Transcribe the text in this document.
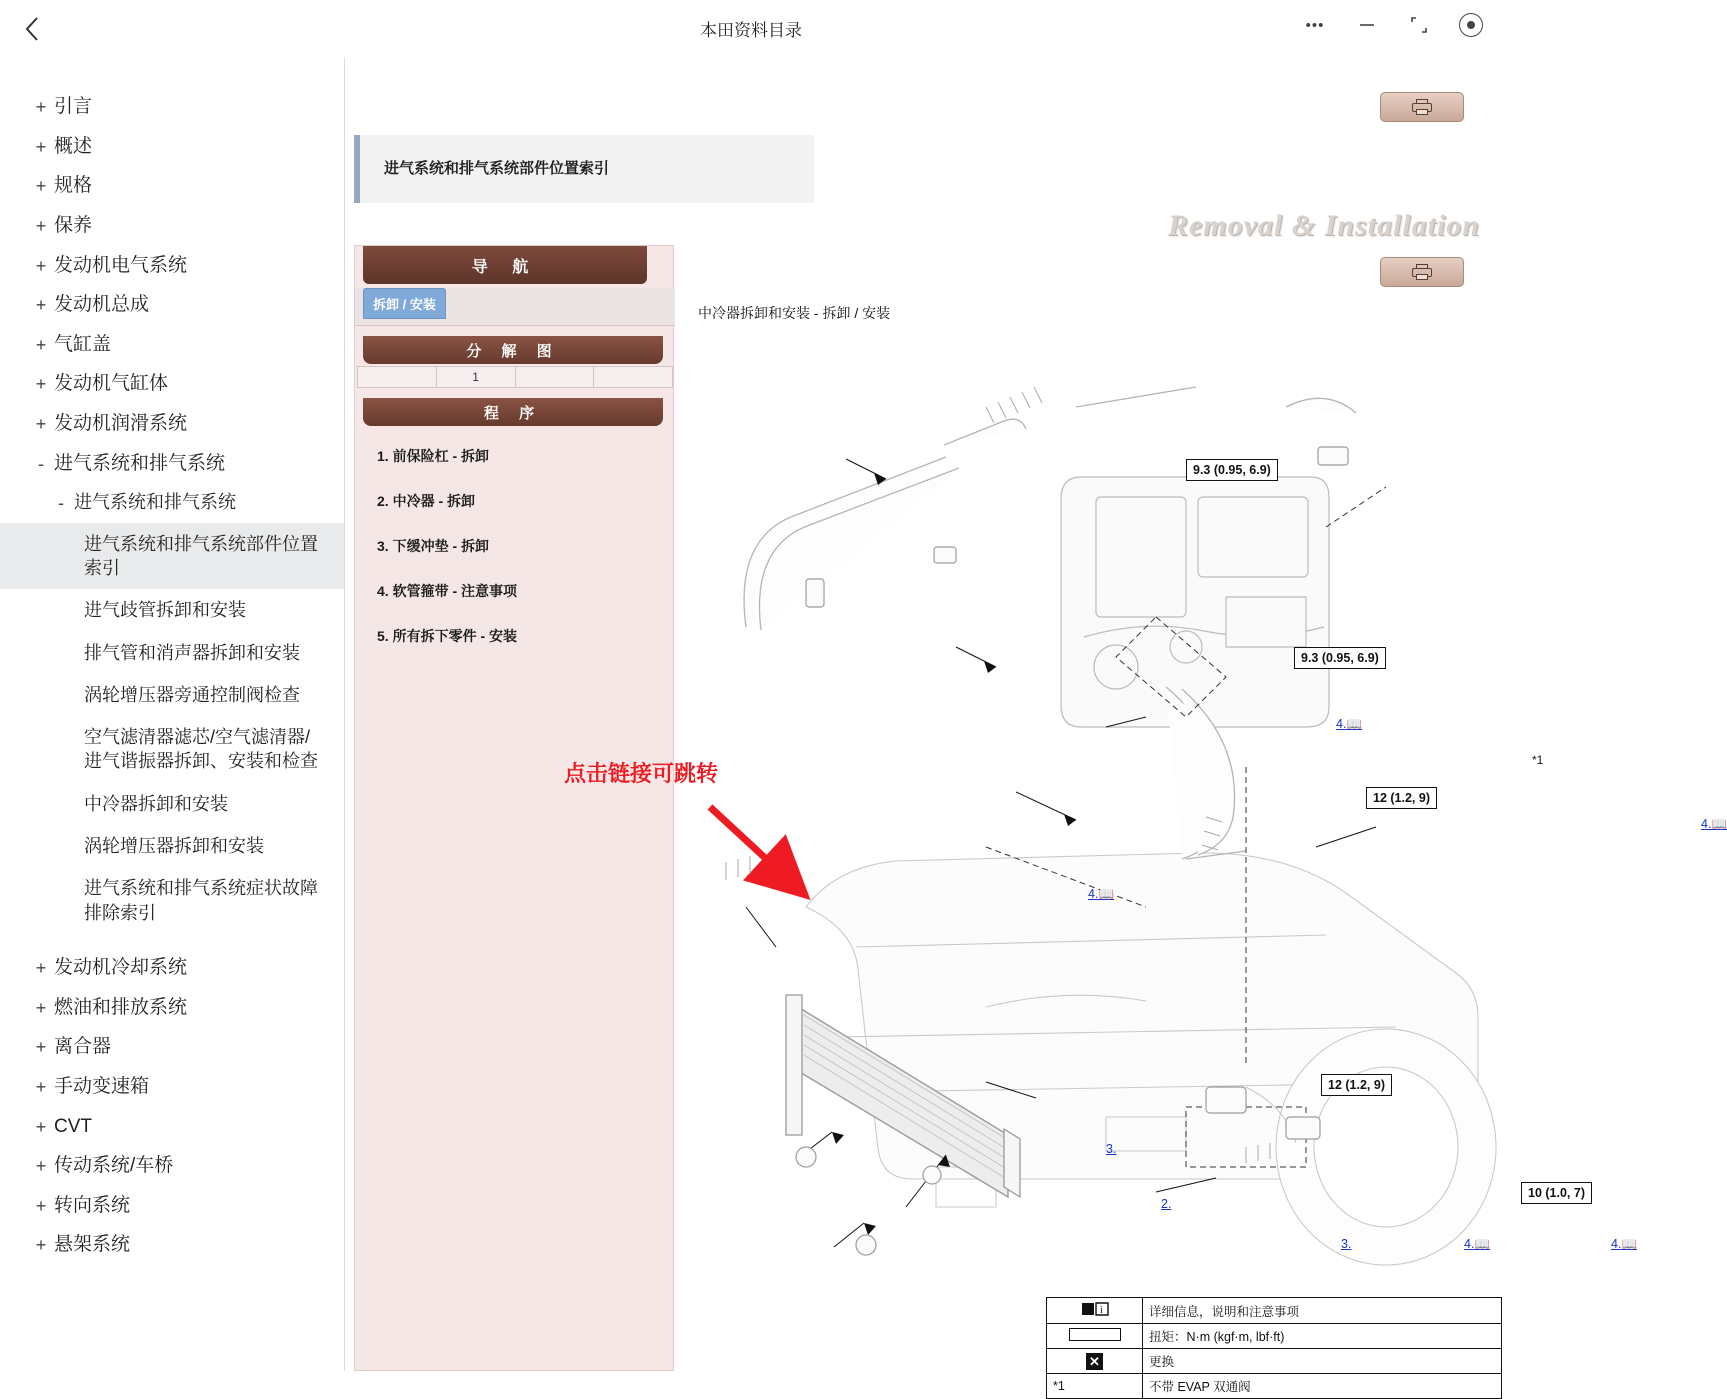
本田资料目录	•••
+ 引言
+ 概述
+ 规格
+ 保养
+ 发动机电气系统
+ 发动机总成
+ 气缸盖
+ 发动机气缸体
+ 发动机润滑系统
- 进气系统和排气系统
- 进气系统和排气系统
进气系统和排气系统部件位置索引
进气歧管拆卸和安装
排气管和消声器拆卸和安装
涡轮增压器旁通控制阀检查
空气滤清器滤芯/空气滤清器/进气谐振器拆卸、安装和检查
中冷器拆卸和安装
涡轮增压器拆卸和安装
进气系统和排气系统症状故障排除索引
+ 发动机冷却系统
+ 燃油和排放系统
+ 离合器
+ 手动变速箱
+ CVT
+ 传动系统/车桥
+ 转向系统
+ 悬架系统
进气系统和排气系统部件位置索引
Removal & Installation
导 航
拆卸 / 安装
分 解 图
1
程 序
1. 前保险杠 - 拆卸
2. 中冷器 - 拆卸
3. 下缓冲垫 - 拆卸
4. 软管箍带 - 注意事项
5. 所有拆下零件 - 安装
点击链接可跳转
中冷器拆卸和安装 - 拆卸 / 安装
9.3 (0.95, 6.9)
9.3 (0.95, 6.9)
12 (1.2, 9)
12 (1.2, 9)
10 (1.0, 7)
*1
4.📖
4.📖
4.📖
4.📖	4.📖
3.
3.
2.
i	详细信息，说明和注意事项
	扭矩：N·m (kgf·m, lbf·ft)
✕	更换
*1	不带 EVAP 双通阀
